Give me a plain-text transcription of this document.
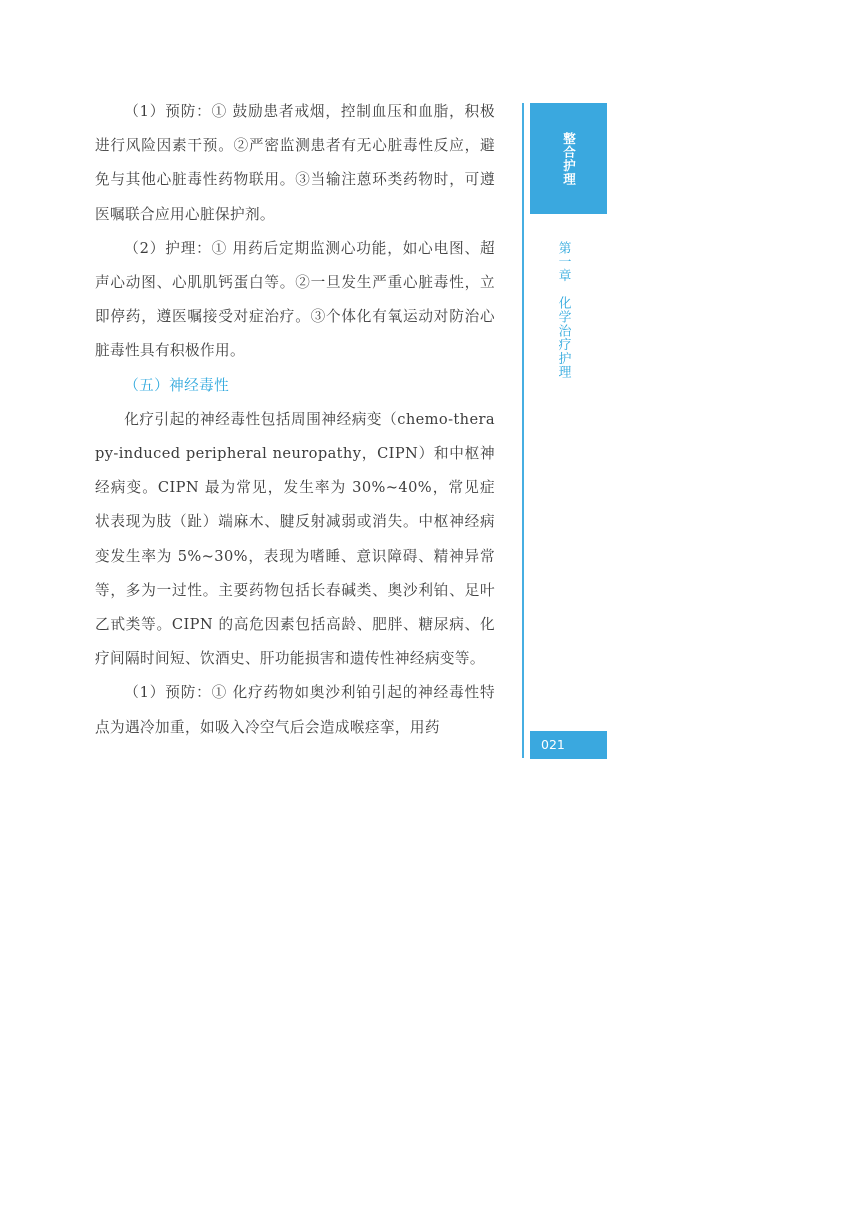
（1）预防：① 鼓励患者戒烟，控制血压和血脂，积极进行风险因素干预。②严密监测患者有无心脏毒性反应，避免与其他心脏毒性药物联用。③当输注蒽环类药物时，可遵医嘱联合应用心脏保护剂。

（2）护理：① 用药后定期监测心功能，如心电图、超声心动图、心肌肌钙蛋白等。②一旦发生严重心脏毒性，立即停药，遵医嘱接受对症治疗。③个体化有氧运动对防治心脏毒性具有积极作用。

（五）神经毒性

化疗引起的神经毒性包括周围神经病变（chemo-therapy-induced peripheral neuropathy，CIPN）和中枢神经病变。CIPN 最为常见，发生率为 30%~40%，常见症状表现为肢（趾）端麻木、腱反射减弱或消失。中枢神经病变发生率为 5%~30%，表现为嗜睡、意识障碍、精神异常等，多为一过性。主要药物包括长春碱类、奥沙利铂、足叶乙甙类等。CIPN 的高危因素包括高龄、肥胖、糖尿病、化疗间隔时间短、饮酒史、肝功能损害和遗传性神经病变等。

（1）预防：① 化疗药物如奥沙利铂引起的神经毒性特点为遇冷加重，如吸入冷空气后会造成喉痉挛，用药

整合护理
第一章化学治疗护理
021
